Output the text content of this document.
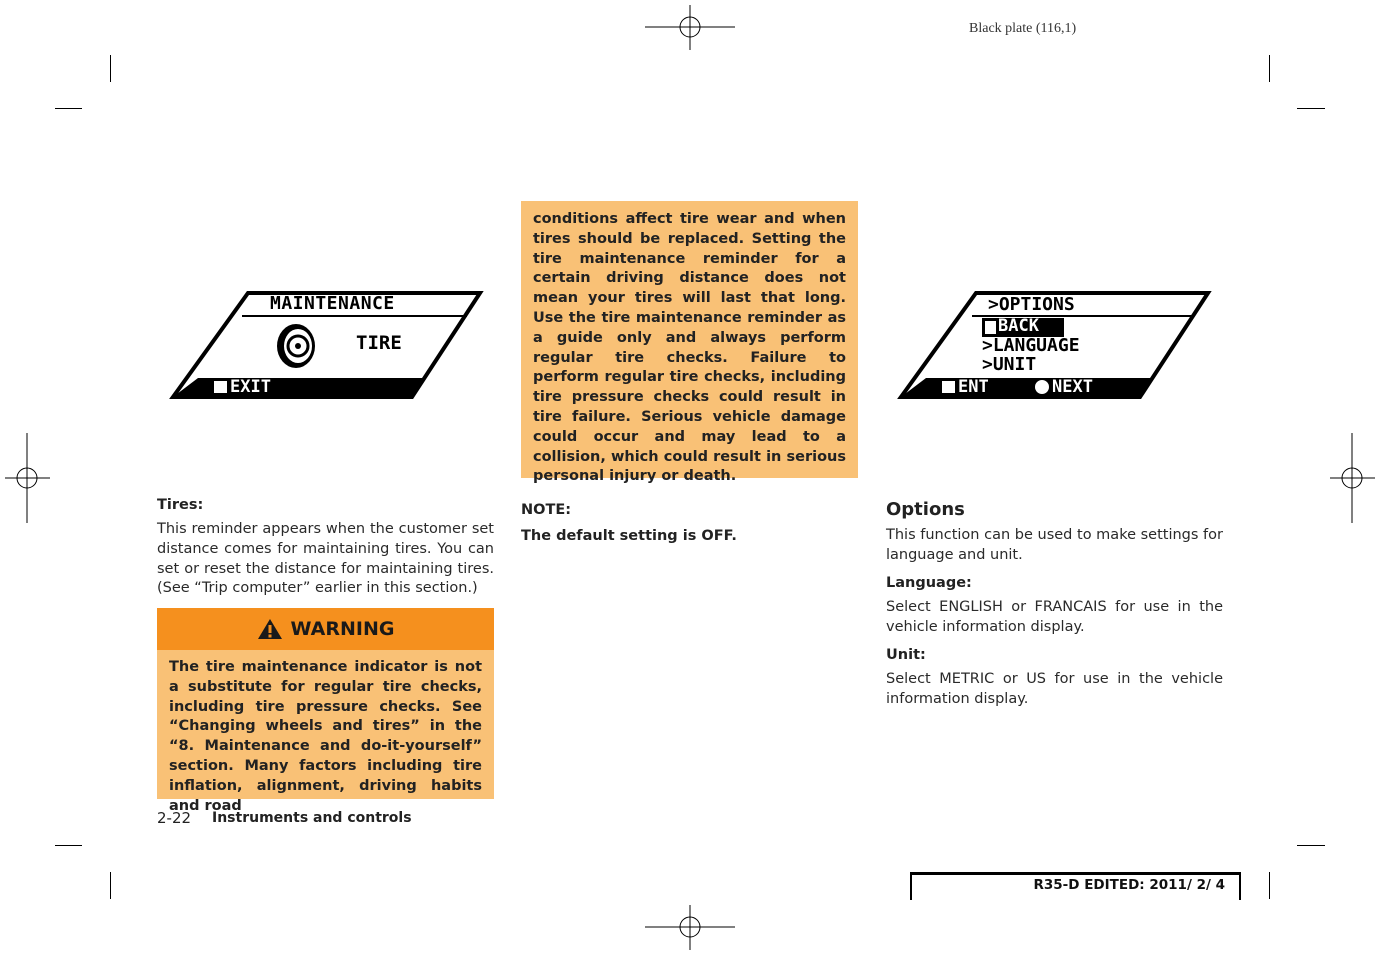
Black plate (116,1)
MAINTENANCE
TIRE
EXIT
>OPTIONS
BACK
>LANGUAGE
>UNIT
ENT	NEXT
Tires:
This reminder appears when the customer set distance comes for maintaining tires. You can set or reset the distance for maintaining tires. (See “Trip computer” earlier in this section.)
WARNING
The tire maintenance indicator is not a substitute for regular tire checks, including tire pressure checks. See “Changing wheels and tires” in the “8. Maintenance and do-it-yourself” section. Many factors including tire inflation, alignment, driving habits and road
2-22 Instruments and controls
conditions affect tire wear and when tires should be replaced. Setting the tire maintenance reminder for a certain driving distance does not mean your tires will last that long. Use the tire maintenance reminder as a guide only and always perform regular tire checks. Failure to perform regular tire checks, including tire pressure checks could result in tire failure. Serious vehicle damage could occur and may lead to a collision, which could result in serious personal injury or death.
NOTE:
The default setting is OFF.
Options
This function can be used to make settings for language and unit.
Language:
Select ENGLISH or FRANCAIS for use in the vehicle information display.
Unit:
Select METRIC or US for use in the vehicle information display.
R35-D EDITED: 2011/ 2/ 4
